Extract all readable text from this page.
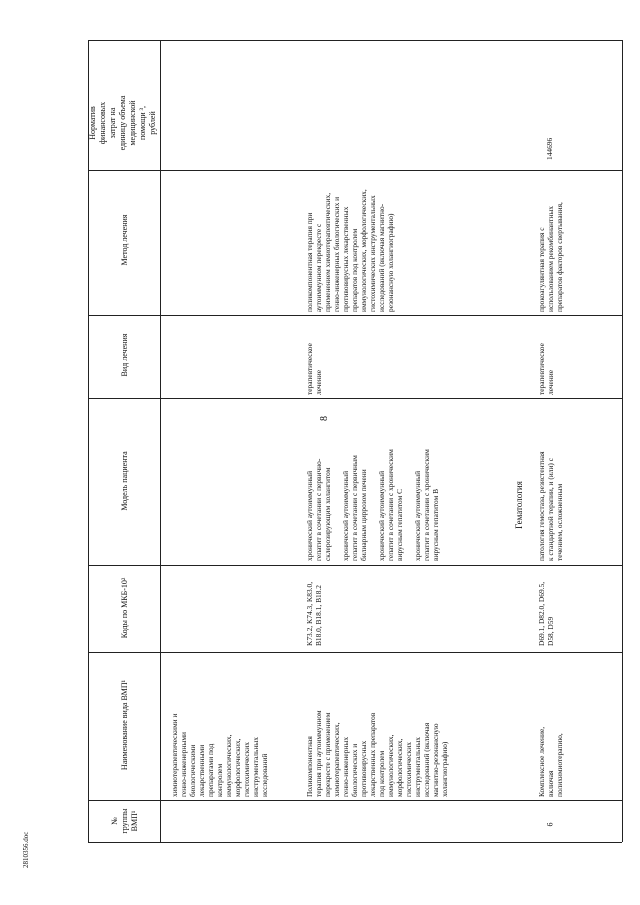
Норматив
финансовых
затрат на
единицу объема
медицинской
помощи ³,
рублей
Метод лечения
Вид лечения
Модель пациента
Коды по МКБ-10²
Наименование вида ВМП¹
№
группы
ВМП¹
8
химиотерапевтическими и
генно-инженерными
биологическими
лекарственными
препаратами под
контролем
иммунологических,
морфологических,
гистохимических
инструментальных
исследований	Поликомпонентная
терапия при аутоиммунном
перекресте с применением
химиотерапевтических,
генно-инженерных
биологических и
противовирусных
лекарственных препаратов
под контролем
иммунологических,
морфологических,
гистохимических
инструментальных
исследований (включая
магнитно-резонансную
холангиографию)
K73.2, K74.3, K83.0,
B18.0, B18.1, B18.2
хронический аутоиммунный
гепатит в сочетании с первично-
склерозирующим холангитом

хронический аутоиммунный
гепатит в сочетании с первичным
билиарным циррозом печени

хронический аутоиммунный
гепатит в сочетании с хроническим
вирусным гепатитом C

хронический аутоиммунный
гепатит в сочетании с хроническим
вирусным гепатитом B
терапевтическое
лечение
поликомпонентная терапия при
аутоиммунном перекресте с
применением химиотерапевтических,
генно-инженерных биологических и
противовирусных лекарственных
препаратов под контролем
иммунологических, морфологических,
гистохимических инструментальных
исследований (включая магнитно-
резонансную холангиографию)
Гематология
6
Комплексное лечение,
включая
полихимиотерапию,
D69.1, D82.0, D69.5,
D58, D59
патология гемостаза, резистентная
к стандартной терапии, и (или) с
течением, осложненным
терапевтическое
лечение
прокоагулянтная терапия с
использованием рекомбинантных
препаратов факторов свертывания,
144696
2810356.doc
